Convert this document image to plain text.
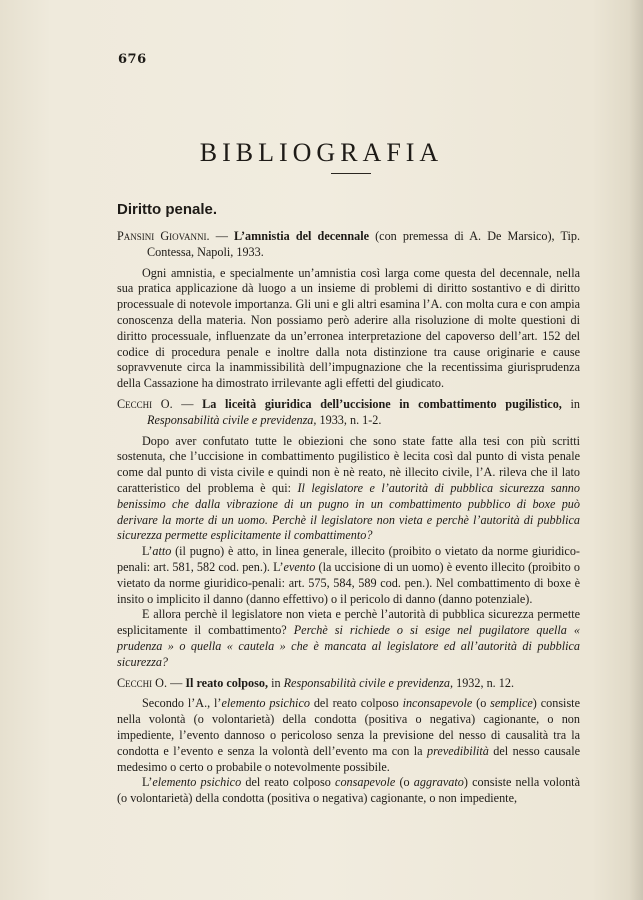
676
BIBLIOGRAFIA
Diritto penale.

Pansini Giovanni. — L’amnistia del decennale (con premessa di A. De Marsico), Tip. Contessa, Napoli, 1933.

Ogni amnistia, e specialmente un’amnistia così larga come questa del decennale, nella sua pratica applicazione dà luogo a un insieme di problemi di diritto sostantivo e di diritto processuale di notevole importanza. Gli uni e gli altri esamina l’A. con molta cura e con ampia conoscenza della materia. Non possiamo però aderire alla risoluzione di molte questioni di diritto processuale, influenzate da un’erronea interpretazione del capoverso dell’art. 152 del codice di procedura penale e inoltre dalla nota distinzione tra cause originarie e cause sopravvenute circa la inammissibilità dell’impugnazione che la recentissima giurisprudenza della Cassazione ha dimostrato irrilevante agli effetti del giudicato.

Cecchi O. — La liceità giuridica dell’uccisione in combattimento pugilistico, in Responsabilità civile e previdenza, 1933, n. 1-2.

Dopo aver confutato tutte le obiezioni che sono state fatte alla tesi con più scritti sostenuta, che l’uccisione in combattimento pugilistico è lecita così dal punto di vista penale come dal punto di vista civile e quindi non è nè reato, nè illecito civile, l’A. rileva che il lato caratteristico del problema è qui: Il legislatore e l’autorità di pubblica sicurezza sanno benissimo che dalla vibrazione di un pugno in un combattimento pubblico di boxe può derivare la morte di un uomo. Perchè il legislatore non vieta e perchè l’autorità di pubblica sicurezza permette esplicitamente il combattimento?

L’atto (il pugno) è atto, in linea generale, illecito (proibito o vietato da norme giuridico-penali: art. 581, 582 cod. pen.). L’evento (la uccisione di un uomo) è evento illecito (proibito o vietato da norme giuridico-penali: art. 575, 584, 589 cod. pen.). Nel combattimento di boxe è insito o implicito il danno (danno effettivo) o il pericolo di danno (danno potenziale).

E allora perchè il legislatore non vieta e perchè l’autorità di pubblica sicurezza permette esplicitamente il combattimento? Perchè si richiede o si esige nel pugilatore quella « prudenza » o quella « cautela » che è mancata al legislatore ed all’autorità di pubblica sicurezza?

Cecchi O. — Il reato colposo, in Responsabilità civile e previdenza, 1932, n. 12.

Secondo l’A., l’elemento psichico del reato colposo inconsapevole (o semplice) consiste nella volontà (o volontarietà) della condotta (positiva o negativa) cagionante, o non impediente, l’evento dannoso o pericoloso senza la previsione del nesso di causalità tra la condotta e l’evento e senza la volontà dell’evento ma con la prevedibilità del nesso causale medesimo o certo o probabile o notevolmente possibile.

L’elemento psichico del reato colposo consapevole (o aggravato) consiste nella volontà (o volontarietà) della condotta (positiva o negativa) cagionante, o non impediente,
